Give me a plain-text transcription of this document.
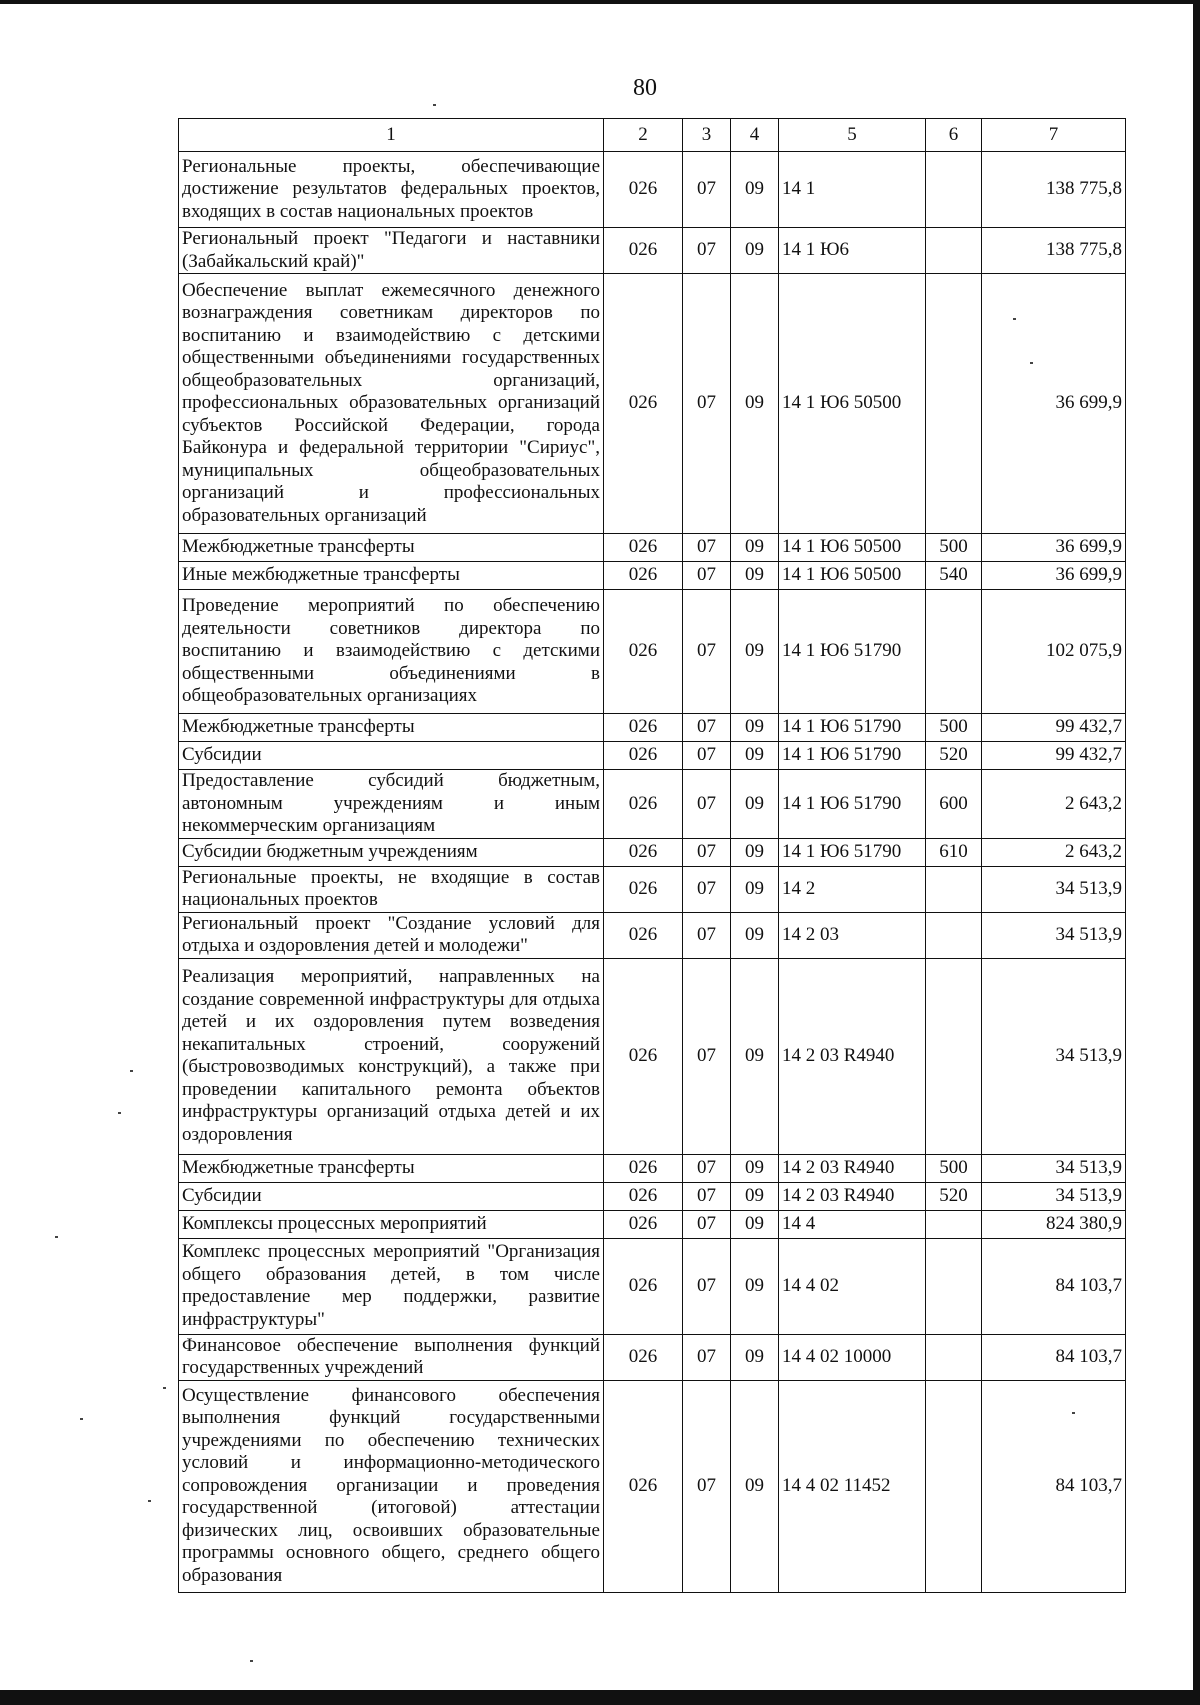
80
1	2	3	4	5	6	7
Региональные проекты, обеспечивающие достижение результатов федеральных проектов, входящих в состав национальных проектов	026	07	09	14 1		138 775,8
Региональный проект "Педагоги и наставники (Забайкальский край)"	026	07	09	14 1 Ю6		138 775,8
Обеспечение выплат ежемесячного денежного вознаграждения советникам директоров по воспитанию и взаимодействию с детскими общественными объединениями государственных общеобразовательных организаций, профессиональных образовательных организаций субъектов Российской Федерации, города Байконура и федеральной территории "Сириус", муниципальных общеобразовательных организаций и профессиональных образовательных организаций	026	07	09	14 1 Ю6 50500		36 699,9
Межбюджетные трансферты	026	07	09	14 1 Ю6 50500	500	36 699,9
Иные межбюджетные трансферты	026	07	09	14 1 Ю6 50500	540	36 699,9
Проведение мероприятий по обеспечению деятельности советников директора по воспитанию и взаимодействию с детскими общественными объединениями в общеобразовательных организациях	026	07	09	14 1 Ю6 51790		102 075,9
Межбюджетные трансферты	026	07	09	14 1 Ю6 51790	500	99 432,7
Субсидии	026	07	09	14 1 Ю6 51790	520	99 432,7
Предоставление субсидий бюджетным, автономным учреждениям и иным некоммерческим организациям	026	07	09	14 1 Ю6 51790	600	2 643,2
Субсидии бюджетным учреждениям	026	07	09	14 1 Ю6 51790	610	2 643,2
Региональные проекты, не входящие в состав национальных проектов	026	07	09	14 2		34 513,9
Региональный проект "Создание условий для отдыха и оздоровления детей и молодежи"	026	07	09	14 2 03		34 513,9
Реализация мероприятий, направленных на создание современной инфраструктуры для отдыха детей и их оздоровления путем возведения некапитальных строений, сооружений (быстровозводимых конструкций), а также при проведении капитального ремонта объектов инфраструктуры организаций отдыха детей и их оздоровления	026	07	09	14 2 03 R4940		34 513,9
Межбюджетные трансферты	026	07	09	14 2 03 R4940	500	34 513,9
Субсидии	026	07	09	14 2 03 R4940	520	34 513,9
Комплексы процессных мероприятий	026	07	09	14 4		824 380,9
Комплекс процессных мероприятий "Организация общего образования детей, в том числе предоставление мер поддержки, развитие инфраструктуры"	026	07	09	14 4 02		84 103,7
Финансовое обеспечение выполнения функций государственных учреждений	026	07	09	14 4 02 10000		84 103,7
Осуществление финансового обеспечения выполнения функций государственными учреждениями по обеспечению технических условий и информационно-методического сопровождения организации и проведения государственной (итоговой) аттестации физических лиц, освоивших образовательные программы основного общего, среднего общего образования	026	07	09	14 4 02 11452		84 103,7
